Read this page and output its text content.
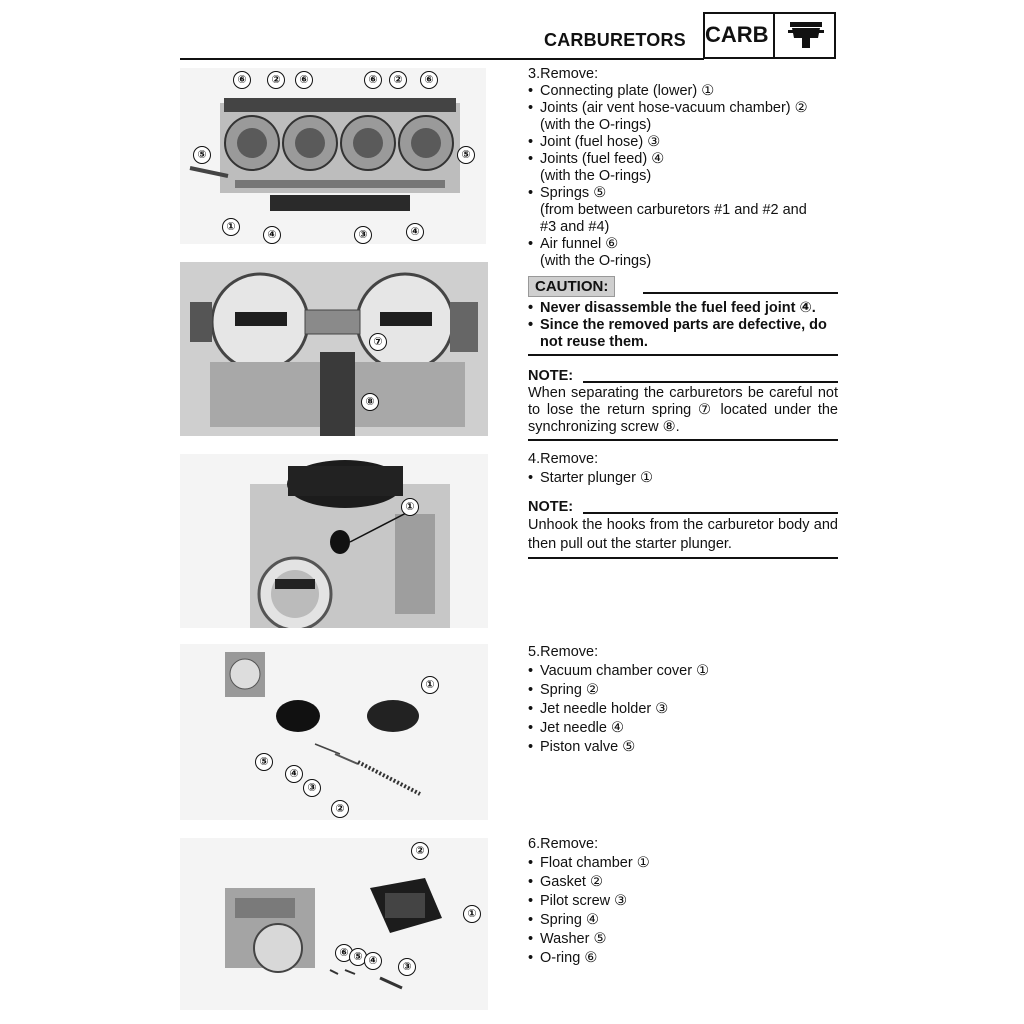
CARBURETORS CARB
⑥	②	⑥	⑥	②	⑥
⑤	⑤
①
④	③	④
⑦
⑧
①
①
⑤
④
③
②
②
①
⑥ ⑤ ④	③
3.Remove:
• Connecting plate (lower) ①
• Joints (air vent hose-vacuum chamber) ②
(with the O-rings)
• Joint (fuel hose) ③
• Joints (fuel feed) ④
(with the O-rings)
• Springs ⑤
(from between carburetors #1 and #2 and
#3 and #4)
• Air funnel ⑥
(with the O-rings)
CAUTION:
• Never disassemble the fuel feed joint ④.
• Since the removed parts are defective, do
not reuse them.
NOTE:
When separating the carburetors be careful not to lose the return spring ⑦ located under the synchronizing screw ⑧.
4.Remove:
• Starter plunger ①
NOTE:
Unhook the hooks from the carburetor body and then pull out the starter plunger.
5.Remove:
• Vacuum chamber cover ①
• Spring ②
• Jet needle holder ③
• Jet needle ④
• Piston valve ⑤
6.Remove:
• Float chamber ①
• Gasket ②
• Pilot screw ③
• Spring ④
• Washer ⑤
• O-ring ⑥
